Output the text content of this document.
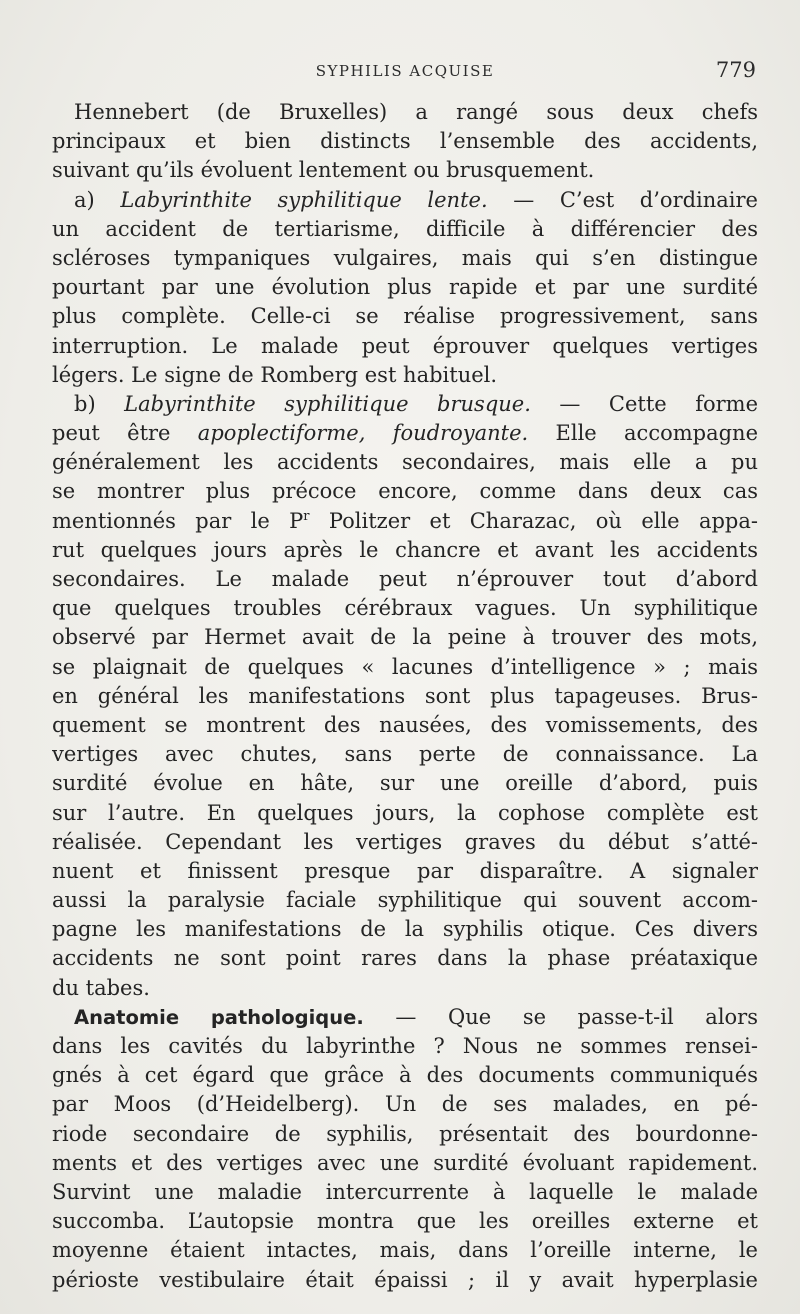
SYPHILIS ACQUISE	779
Hennebert (de Bruxelles) a rangé sous deux chefs
principaux et bien distincts l’ensemble des accidents,
suivant qu’ils évoluent lentement ou brusquement.
a) Labyrinthite syphilitique lente. — C’est d’ordinaire
un accident de tertiarisme, difficile à différencier des
scléroses tympaniques vulgaires, mais qui s’en distingue
pourtant par une évolution plus rapide et par une surdité
plus complète. Celle-ci se réalise progressivement, sans
interruption. Le malade peut éprouver quelques vertiges
légers. Le signe de Romberg est habituel.
b) Labyrinthite syphilitique brusque. — Cette forme
peut être apoplectiforme, foudroyante. Elle accompagne
généralement les accidents secondaires, mais elle a pu
se montrer plus précoce encore, comme dans deux cas
mentionnés par le $P^r$ Politzer et Charazac, où elle appa-
rut quelques jours après le chancre et avant les accidents
secondaires. Le malade peut n’éprouver tout d’abord
que quelques troubles cérébraux vagues. Un syphilitique
observé par Hermet avait de la peine à trouver des mots,
se plaignait de quelques « lacunes d’intelligence » ; mais
en général les manifestations sont plus tapageuses. Brus-
quement se montrent des nausées, des vomissements, des
vertiges avec chutes, sans perte de connaissance. La
surdité évolue en hâte, sur une oreille d’abord, puis
sur l’autre. En quelques jours, la cophose complète est
réalisée. Cependant les vertiges graves du début s’atté-
nuent et finissent presque par disparaître. A signaler
aussi la paralysie faciale syphilitique qui souvent accom-
pagne les manifestations de la syphilis otique. Ces divers
accidents ne sont point rares dans la phase préataxique
du tabes.
Anatomie pathologique. — Que se passe-t-il alors
dans les cavités du labyrinthe ? Nous ne sommes rensei-
gnés à cet égard que grâce à des documents communiqués
par Moos (d’Heidelberg). Un de ses malades, en pé-
riode secondaire de syphilis, présentait des bourdonne-
ments et des vertiges avec une surdité évoluant rapidement.
Survint une maladie intercurrente à laquelle le malade
succomba. L’autopsie montra que les oreilles externe et
moyenne étaient intactes, mais, dans l’oreille interne, le
périoste vestibulaire était épaissi ; il y avait hyperplasie
